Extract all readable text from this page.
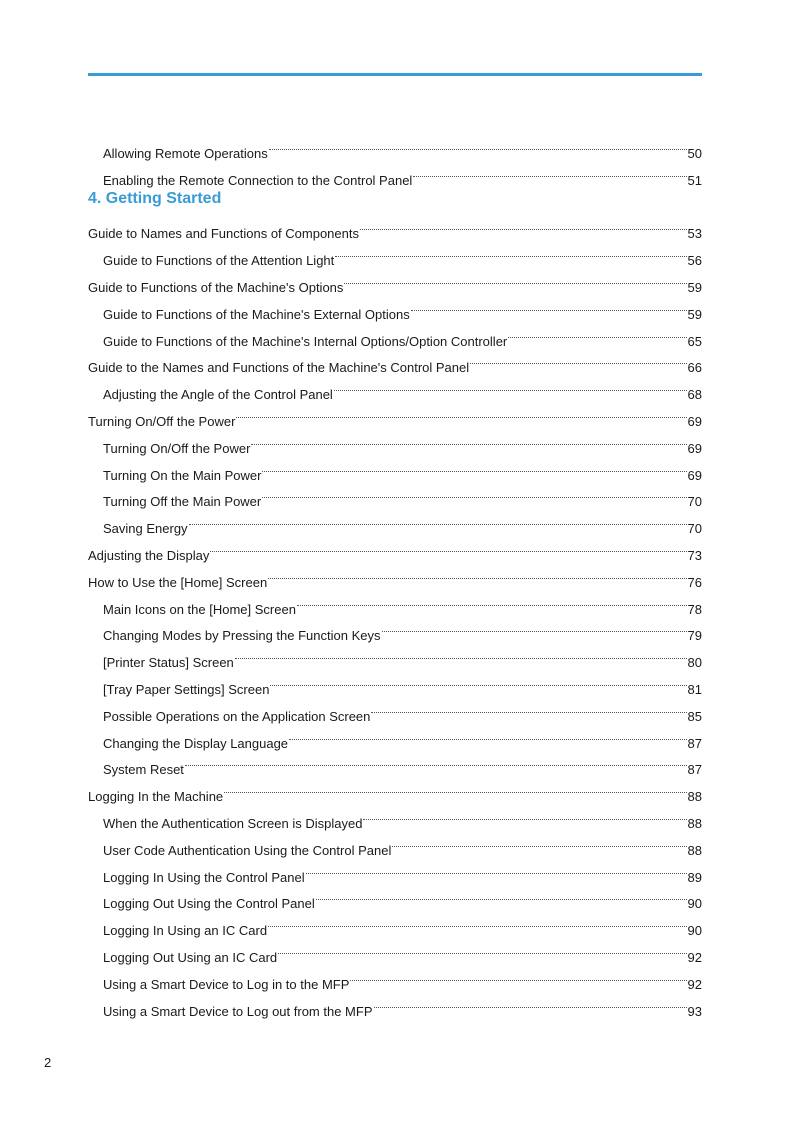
Allowing Remote Operations	50
Enabling the Remote Connection to the Control Panel	51
4. Getting Started
Guide to Names and Functions of Components	53
Guide to Functions of the Attention Light	56
Guide to Functions of the Machine's Options	59
Guide to Functions of the Machine's External Options	59
Guide to Functions of the Machine's Internal Options/Option Controller	65
Guide to the Names and Functions of the Machine's Control Panel	66
Adjusting the Angle of the Control Panel	68
Turning On/Off the Power	69
Turning On/Off the Power	69
Turning On the Main Power	69
Turning Off the Main Power	70
Saving Energy	70
Adjusting the Display	73
How to Use the [Home] Screen	76
Main Icons on the [Home] Screen	78
Changing Modes by Pressing the Function Keys	79
[Printer Status] Screen	80
[Tray Paper Settings] Screen	81
Possible Operations on the Application Screen	85
Changing the Display Language	87
System Reset	87
Logging In the Machine	88
When the Authentication Screen is Displayed	88
User Code Authentication Using the Control Panel	88
Logging In Using the Control Panel	89
Logging Out Using the Control Panel	90
Logging In Using an IC Card	90
Logging Out Using an IC Card	92
Using a Smart Device to Log in to the MFP	92
Using a Smart Device to Log out from the MFP	93
2
